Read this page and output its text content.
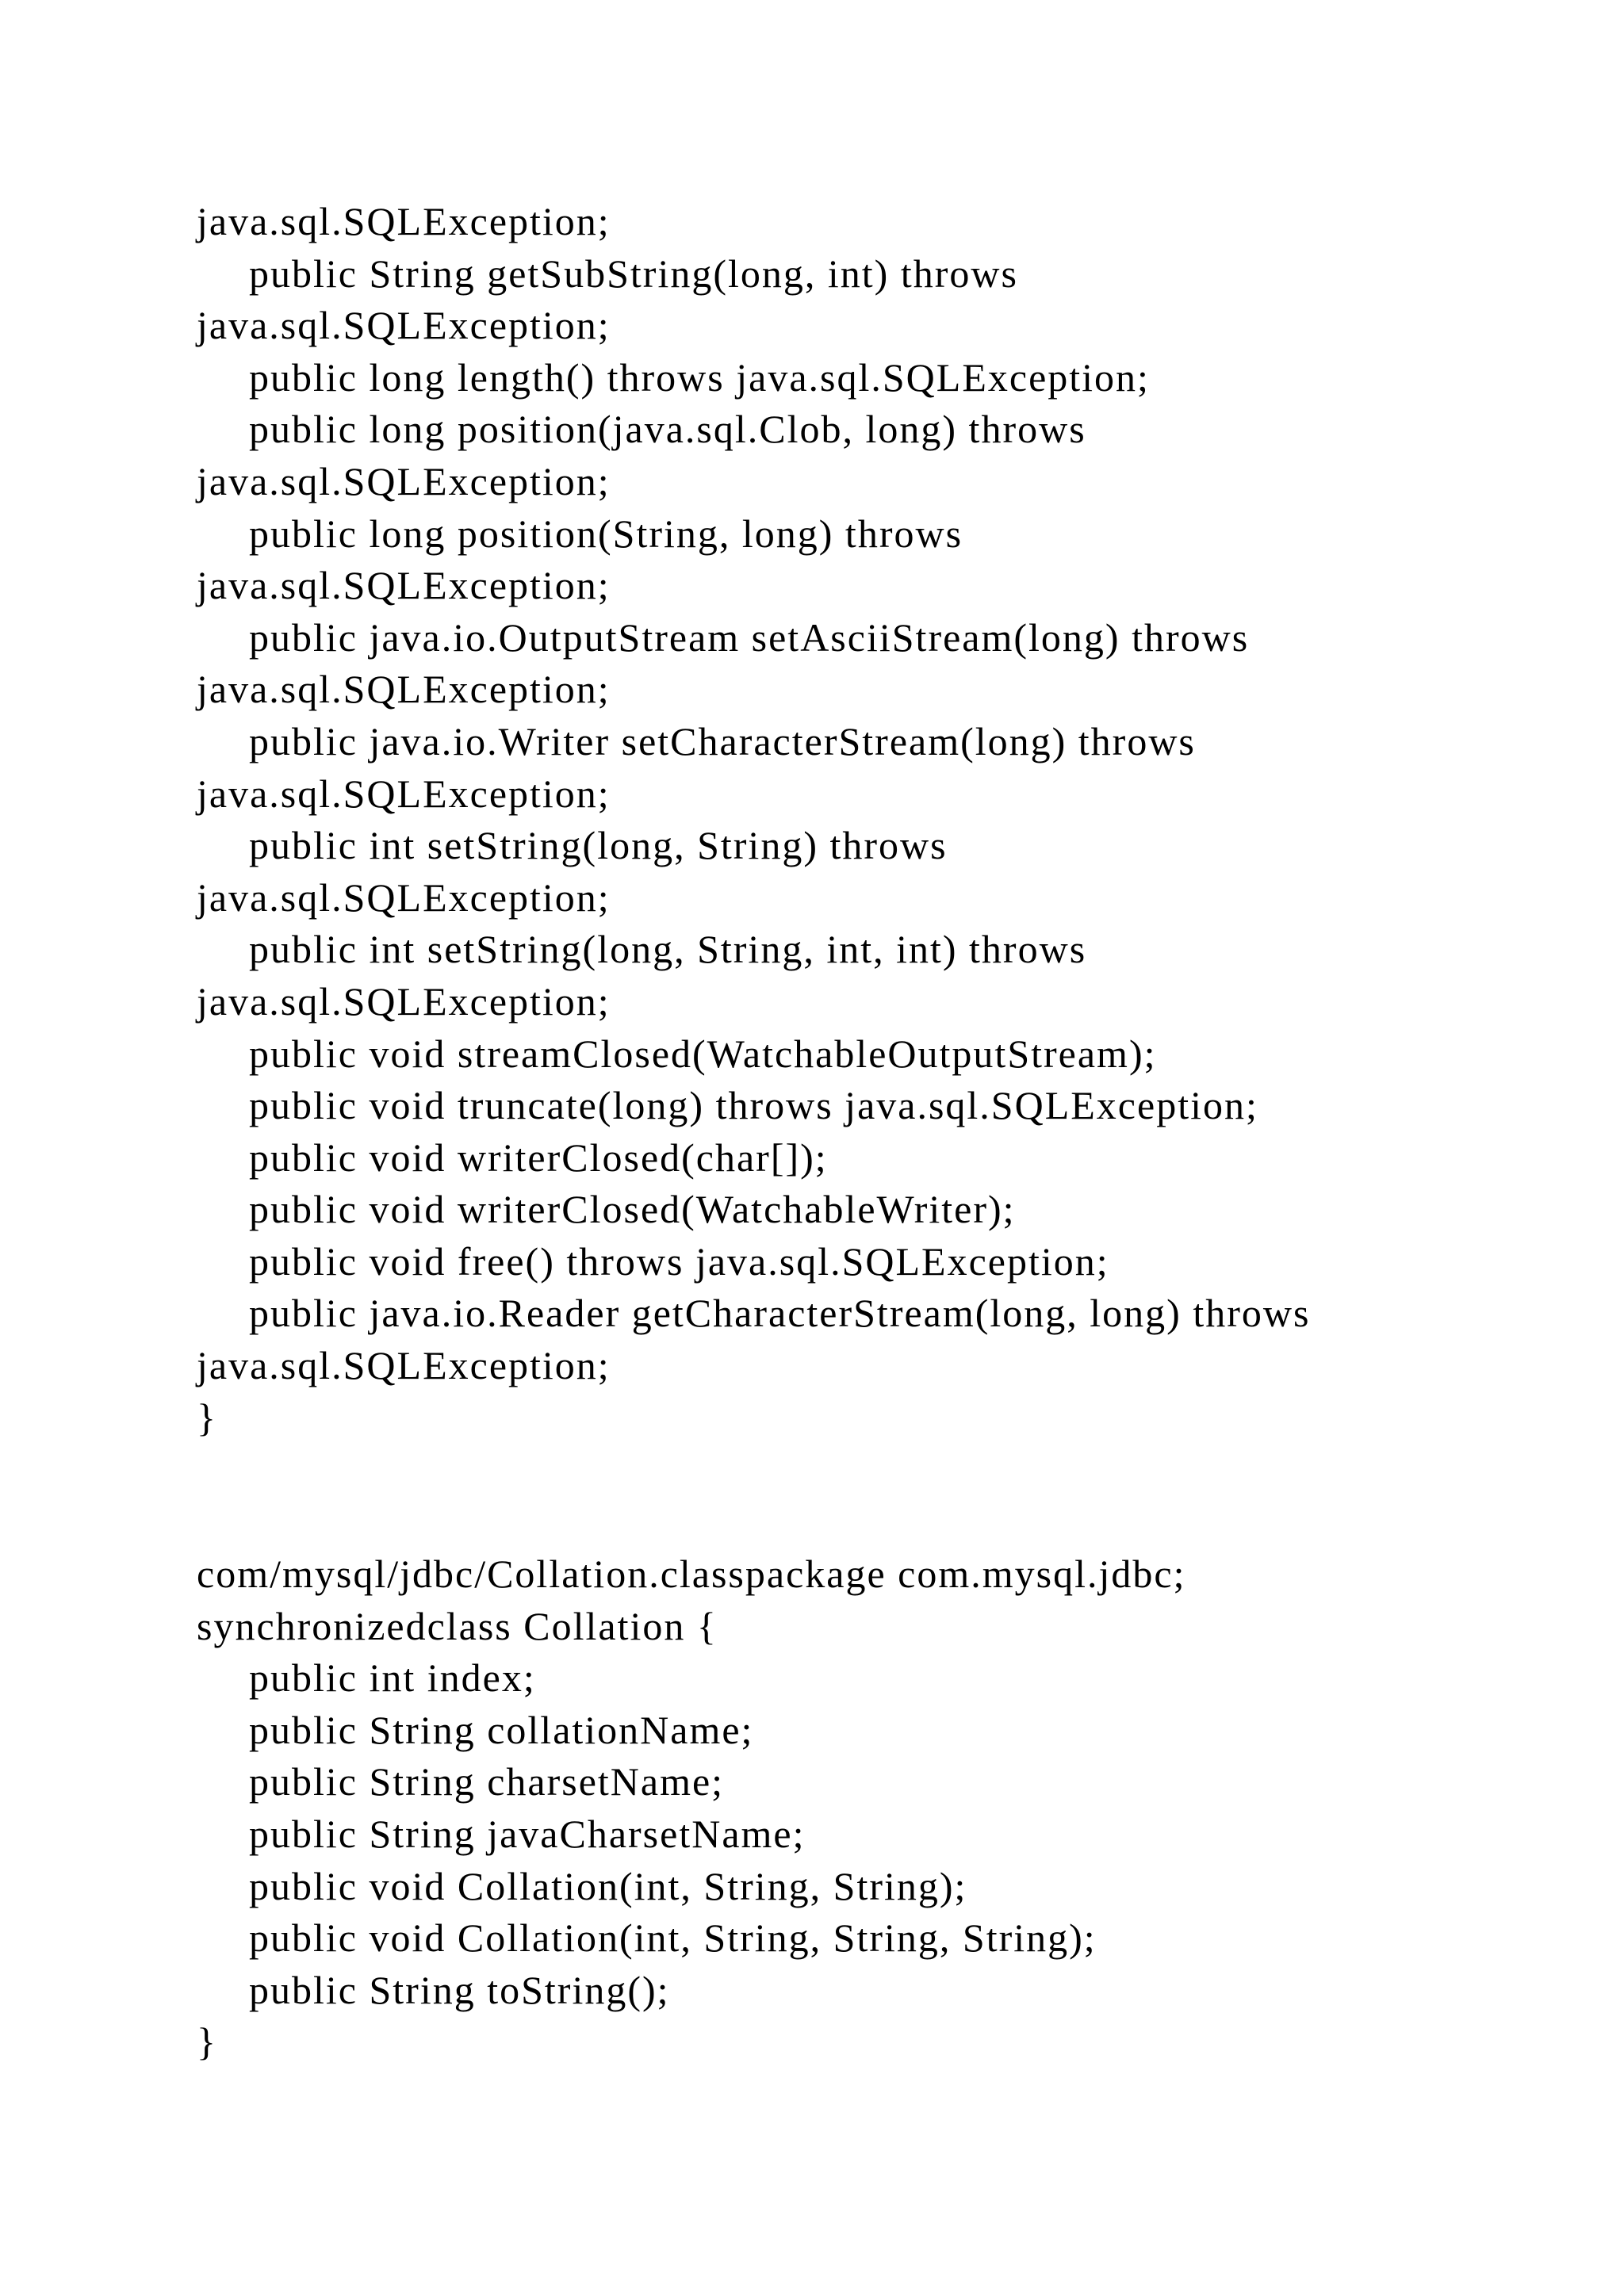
java.sql.SQLException;
public String getSubString(long, int) throws
java.sql.SQLException;
public long length() throws java.sql.SQLException;
public long position(java.sql.Clob, long) throws
java.sql.SQLException;
public long position(String, long) throws
java.sql.SQLException;
public java.io.OutputStream setAsciiStream(long) throws
java.sql.SQLException;
public java.io.Writer setCharacterStream(long) throws
java.sql.SQLException;
public int setString(long, String) throws
java.sql.SQLException;
public int setString(long, String, int, int) throws
java.sql.SQLException;
public void streamClosed(WatchableOutputStream);
public void truncate(long) throws java.sql.SQLException;
public void writerClosed(char[]);
public void writerClosed(WatchableWriter);
public void free() throws java.sql.SQLException;
public java.io.Reader getCharacterStream(long, long) throws
java.sql.SQLException;
}
com/mysql/jdbc/Collation.classpackage com.mysql.jdbc;
synchronizedclass Collation {
public int index;
public String collationName;
public String charsetName;
public String javaCharsetName;
public void Collation(int, String, String);
public void Collation(int, String, String, String);
public String toString();
}
